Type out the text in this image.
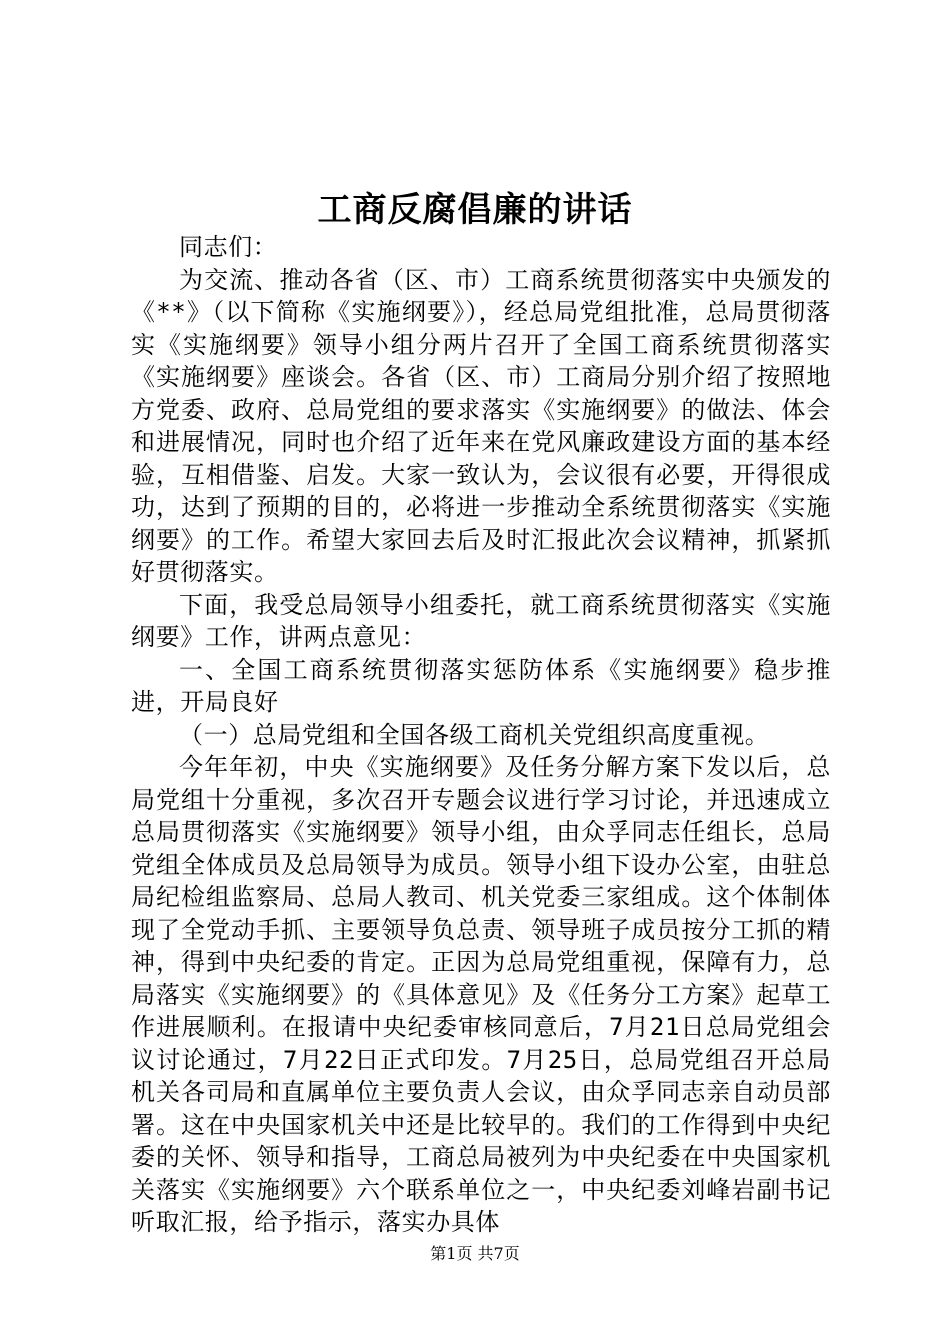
工商反腐倡廉的讲话

同志们：

为交流、推动各省（区、市）工商系统贯彻落实中央颁发的《**》（以下简称《实施纲要》），经总局党组批准，总局贯彻落实《实施纲要》领导小组分两片召开了全国工商系统贯彻落实《实施纲要》座谈会。各省（区、市）工商局分别介绍了按照地方党委、政府、总局党组的要求落实《实施纲要》的做法、体会和进展情况，同时也介绍了近年来在党风廉政建设方面的基本经验，互相借鉴、启发。大家一致认为，会议很有必要，开得很成功，达到了预期的目的，必将进一步推动全系统贯彻落实《实施纲要》的工作。希望大家回去后及时汇报此次会议精神，抓紧抓好贯彻落实。

下面，我受总局领导小组委托，就工商系统贯彻落实《实施纲要》工作，讲两点意见：

一、全国工商系统贯彻落实惩防体系《实施纲要》稳步推进，开局良好

（一）总局党组和全国各级工商机关党组织高度重视。

今年年初，中央《实施纲要》及任务分解方案下发以后，总局党组十分重视，多次召开专题会议进行学习讨论，并迅速成立总局贯彻落实《实施纲要》领导小组，由众孚同志任组长，总局党组全体成员及总局领导为成员。领导小组下设办公室，由驻总局纪检组监察局、总局人教司、机关党委三家组成。这个体制体现了全党动手抓、主要领导负总责、领导班子成员按分工抓的精神，得到中央纪委的肯定。正因为总局党组重视，保障有力，总局落实《实施纲要》的《具体意见》及《任务分工方案》起草工作进展顺利。在报请中央纪委审核同意后，7月21日总局党组会议讨论通过，7月22日正式印发。7月25日，总局党组召开总局机关各司局和直属单位主要负责人会议，由众孚同志亲自动员部署。这在中央国家机关中还是比较早的。我们的工作得到中央纪委的关怀、领导和指导，工商总局被列为中央纪委在中央国家机关落实《实施纲要》六个联系单位之一，中央纪委刘峰岩副书记听取汇报，给予指示，落实办具体

第1页 共7页
